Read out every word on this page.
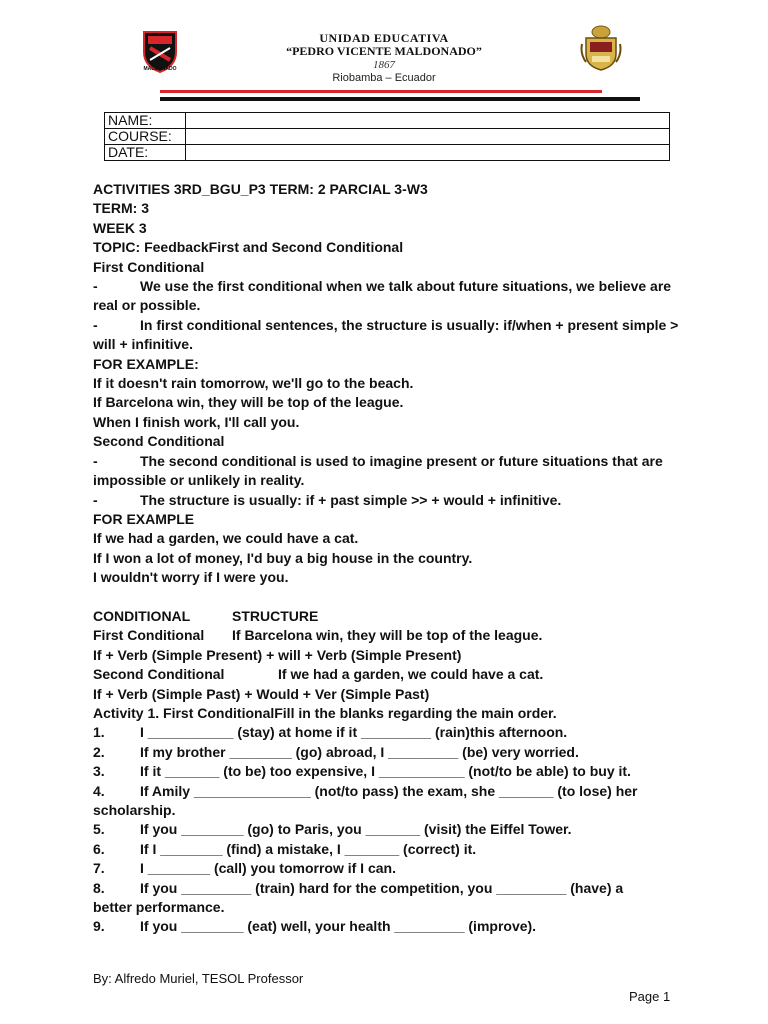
MALDONADO
UNIDAD EDUCATIVA
“PEDRO VICENTE MALDONADO”
1867
Riobamba – Ecuador
NAME:	
COURSE:	
DATE:	
ACTIVITIES 3RD_BGU_P3 TERM: 2 PARCIAL 3-W3
TERM: 3
WEEK 3
TOPIC: FeedbackFirst and Second Conditional
First Conditional
-	We use the first conditional when we talk about future situations, we believe are real or possible.
-	In first conditional sentences, the structure is usually: if/when + present simple > will + infinitive.
FOR EXAMPLE:
If it doesn't rain tomorrow, we'll go to the beach.
If Barcelona win, they will be top of the league.
When I finish work, I'll call you.
Second Conditional
-	The second conditional is used to imagine present or future situations that are impossible or unlikely in reality.
-	The structure is usually: if + past simple >> + would + infinitive.
FOR EXAMPLE
If we had a garden, we could have a cat.
If I won a lot of money, I'd buy a big house in the country.
I wouldn't worry if I were you.
CONDITIONAL	STRUCTURE
First Conditional If Barcelona win, they will be top of the league.
If + Verb (Simple Present) + will + Verb (Simple Present)
Second Conditional	If we had a garden, we could have a cat.
If + Verb (Simple Past) + Would + Ver (Simple Past)
Activity 1. First ConditionalFill in the blanks regarding the main order.
1.	I ___________ (stay) at home if it _________ (rain)this afternoon.
2.	If my brother ________ (go) abroad, I _________ (be) very worried.
3.	If it _______ (to be) too expensive, I ___________ (not/to be able) to buy it.
4.	If Amily _______________ (not/to pass) the exam, she _______ (to lose) her
scholarship.
5.	If you ________ (go) to Paris, you _______ (visit) the Eiffel Tower.
6.	If I ________ (find) a mistake, I _______ (correct) it.
7.	I ________ (call) you tomorrow if I can.
8.	If you _________ (train) hard for the competition, you _________ (have) a
better performance.
9.	If you ________ (eat) well, your health _________ (improve).
By: Alfredo Muriel, TESOL Professor
Page 1
